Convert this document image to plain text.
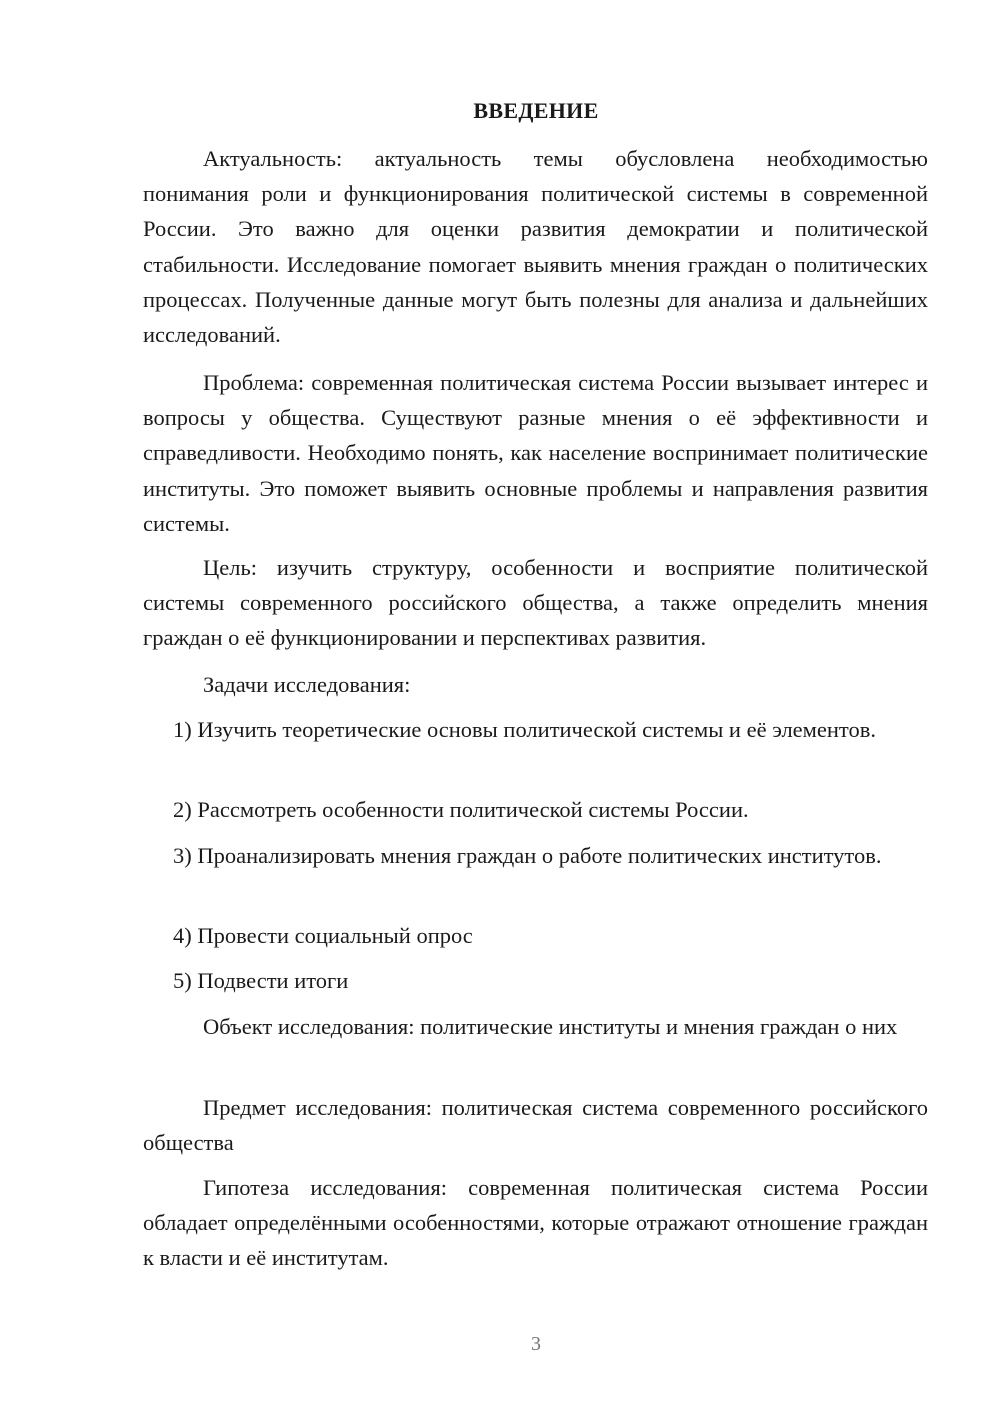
ВВЕДЕНИЕ

Актуальность: актуальность темы обусловлена необходимостью понимания роли и функционирования политической системы в современной России. Это важно для оценки развития демократии и политической стабильности. Исследование помогает выявить мнения граждан о политических процессах. Полученные данные могут быть полезны для анализа и дальнейших исследований.

Проблема: современная политическая система России вызывает интерес и вопросы у общества. Существуют разные мнения о её эффективности и справедливости. Необходимо понять, как население воспринимает политические институты. Это поможет выявить основные проблемы и направления развития системы.

Цель: изучить структуру, особенности и восприятие политической системы современного российского общества, а также определить мнения граждан о её функционировании и перспективах развития.

Задачи исследования:

1) Изучить теоретические основы политической системы и её элементов.

2) Рассмотреть особенности политической системы России.

3) Проанализировать мнения граждан о работе политических институтов.

4) Провести социальный опрос

5) Подвести итоги

Объект исследования: политические институты и мнения граждан о них

Предмет исследования: политическая система современного российского общества

Гипотеза исследования: современная политическая система России обладает определёнными особенностями, которые отражают отношение граждан к власти и её институтам.

3
